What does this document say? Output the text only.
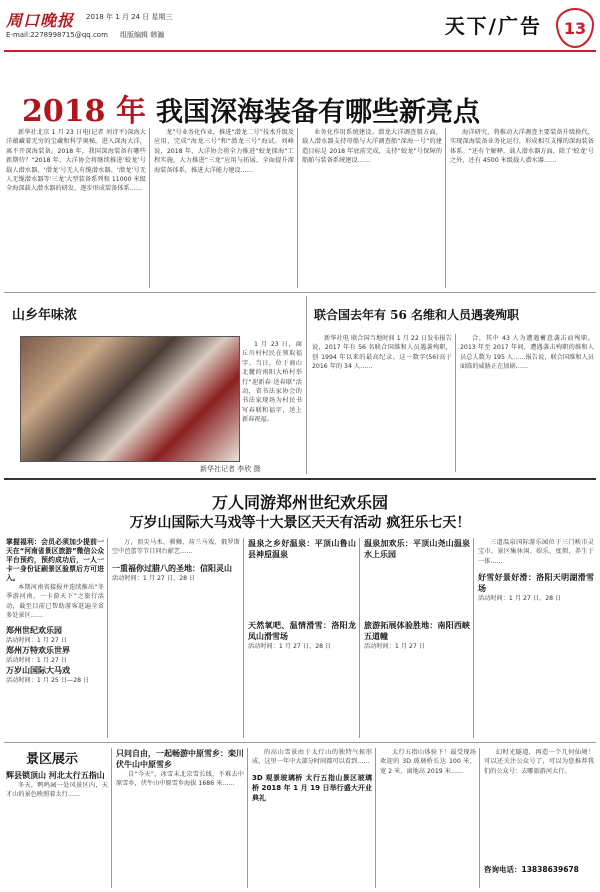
周口晚报	2018 年 1 月 24 日 星期三
E-mail:2278998715@qq.com 组版编辑 韩瀚	天下/广告	13
2018 年 我国深海装备有哪些新亮点

新华社北京 1 月 23 日电(记者 刘诗平)深海大洋蕴藏着无穷的宝藏和科学奥秘。进入深海大洋，离不开深海装备。2018 年，我国深海装备有哪些新期待？“2018 年，大洋协会将继续推进‘蛟龙’号载人潜水器、‘潜龙’号无人有缆潜水器、‘潜龙’号无人无缆潜水器等‘三龙’大型装备系列和 11000 米级全海深载人潜水器的研发，逐步形成装备体系……

龙”号业务化作业，推进“潜龙二号”技术升级及应用，完成“海龙三号”和“潜龙三号”海试。刘峰说，2018 年，大洋协会将全力推进“蛟龙探海”工程实施，大力推进“三龙”应用与拓展，全面提升深海装备体系，推进大洋能力建设……

业务化作用系统建设。潜龙大洋调查船方面，载人潜水器支持母船与大洋调查船“深海一号”的建造目标是 2018 年底前完成，支持“蛟龙”号保障的船舶与装备系统建设……

海洋研究，将推动大洋调查主要装备升级换代，实现深海装备业务化运行，形成相互支撑的深海装备体系。“还有个解释，载人潜水器方面，除了‘蛟龙’号之外，还有 4500 米级载人潜水器……

山乡年味浓

1 月 23 日，商丘川村村民在领取福字。当日，位于商山北麓的南阳大柏村举行“迎新春·送春联”活动，省书法家协会的书法家现场为村民书写春联和福字，送上新春祝福。

新华社记者 李欣 摄
联合国去年有 56 名维和人员遇袭殉职

新华社电 联合国当地时间 1 月 22 日发布报告说，2017 年有 56 名联合国维和人员遇袭殉职，创 1994 年以来的最高纪录。这一数字(56)高于 2016 年的 34 人……

合，其中 43 人为遭遇蓄意袭击而殉职。2013 年至 2017 年间，遭遇袭击殉职的维和人员总人数为 195 人……报告说，联合国维和人员面临的威胁正在加剧……

万人同游郑州世纪欢乐园
万岁山国际大马戏等十大景区天天有活动 疯狂乐七天！

掌握福利：会员必须加少提前一天在“河南省景区旅游”微信公众平台预约，预约成功后，一人一卡一身份证刷景区验票后方可进入。

本期河南省接报并连续推出“冬季游河南，一卡游天下”之旅行活动，截至目前已帮助游客逛遍全省多处景区……

郑州世纪欢乐园

活动时间：1 月 27 日

郑州万特欢乐世界

活动时间：1 月 27 日

万岁山国际大马戏

活动时间：1 月 25 日—28 日

万，顶尖马术、驯狮、荷兰马戏、俄罗斯空中芭蕾等节目同台献艺……

一重福你过腊八的圣地：信阳灵山

活动时间：1 月 27 日、28 日

温泉之乡好温泉：平顶山鲁山县神垕温泉

天然氧吧、温情滑雪：洛阳龙凤山滑雪场

活动时间：1 月 27 日、28 日

温泉加欢乐：平顶山尧山温泉水上乐园

旅游拓展体验胜地：南阳西峡五道幢

活动时间：1 月 27 日

三道温泉国际游乐园位于三门峡市灵宝市，景区集休闲、娱乐、度假、养生于一体……

好雪好景好滑：洛阳天明湖滑雪场

活动时间：1 月 27 日、28 日

景区展示

辉县锁顶山 河北太行五指山

冬天，鸭鸣园一处风景区内，天才山的景色映照着太行……

只问自由，一起畅游中原雪乡：栾川伏牛山中原雪乡

自“今天”，冰雪未北京雪长线，不难去中原雪乡，伏牛山中原雪乡海拔 1686 米……

的高山雪景由于太行山的独特气候形成，这里一年中大部分时间都可以看到……

3D 观景玻璃桥 太行五指山景区玻璃桥 2018 年 1 月 19 日举行盛大开业典礼

太行五指山体验下！最受现场欢迎的 3D 玻璃桥长达 100 米，宽 2 米，离地高 2019 米……

幻时光隧道，再造一个几何仙境！可以还关注公众号了，可以为您推荐我们的公众号：去哪旅游河太行。

咨询电话：13838639678
